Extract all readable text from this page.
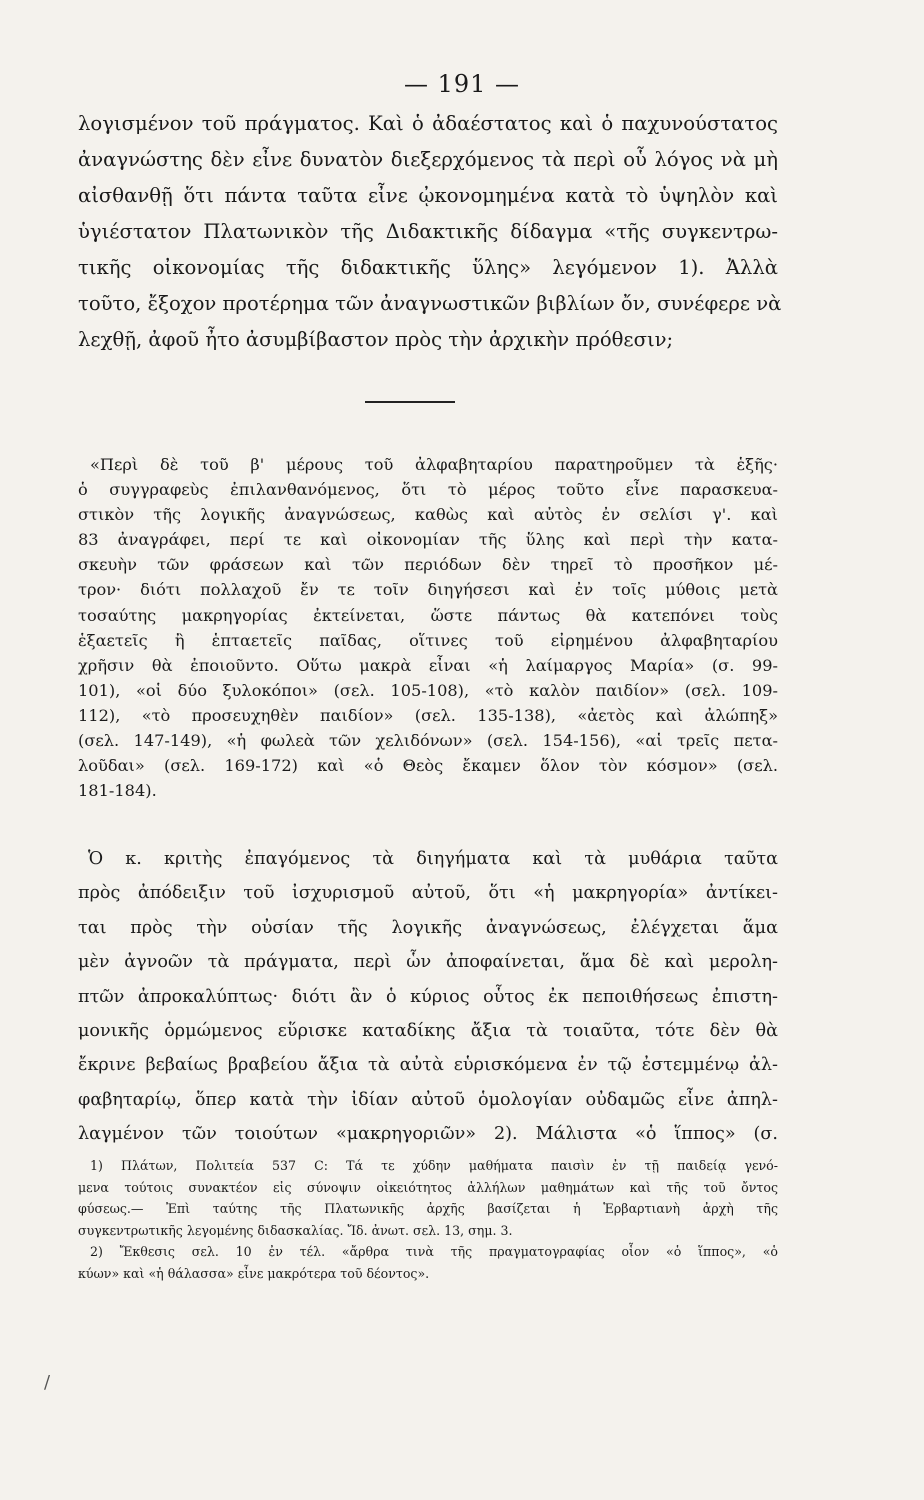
— 191 —
λογισμένον τοῦ πράγματος. Καὶ ὁ ἀδαέστατος καὶ ὁ παχυνούστατος
ἀναγνώστης δὲν εἶνε δυνατὸν διεξερχόμενος τὰ περὶ οὗ λόγος νὰ μὴ
αἰσθανθῇ ὅτι πάντα ταῦτα εἶνε ᾠκονομημένα κατὰ τὸ ὑψηλὸν καὶ
ὑγιέστατον Πλατωνικὸν τῆς Διδακτικῆς δίδαγμα «τῆς συγκεντρω-
τικῆς οἰκονομίας τῆς διδακτικῆς ὕλης» λεγόμενον 1). Ἀλλὰ
τοῦτο, ἔξοχον προτέρημα τῶν ἀναγνωστικῶν βιβλίων ὄν, συνέφερε νὰ
λεχθῇ, ἀφοῦ ἦτο ἀσυμβίβαστον πρὸς τὴν ἀρχικὴν πρόθεσιν;
«Περὶ δὲ τοῦ β' μέρους τοῦ ἀλφαβηταρίου παρατηροῦμεν τὰ ἑξῆς·
ὁ συγγραφεὺς ἐπιλανθανόμενος, ὅτι τὸ μέρος τοῦτο εἶνε παρασκευα-
στικὸν τῆς λογικῆς ἀναγνώσεως, καθὼς καὶ αὐτὸς ἐν σελίσι γ'. καὶ
83 ἀναγράφει, περί τε καὶ οἰκονομίαν τῆς ὕλης καὶ περὶ τὴν κατα-
σκευὴν τῶν φράσεων καὶ τῶν περιόδων δὲν τηρεῖ τὸ προσῆκον μέ-
τρον· διότι πολλαχοῦ ἔν τε τοῖν διηγήσεσι καὶ ἐν τοῖς μύθοις μετὰ
τοσαύτης μακρηγορίας ἐκτείνεται, ὥστε πάντως θὰ κατεπόνει τοὺς
ἑξαετεῖς ἢ ἑπταετεῖς παῖδας, οἵτινες τοῦ εἰρημένου ἀλφαβηταρίου
χρῆσιν θὰ ἐποιοῦντο. Οὕτω μακρὰ εἶναι «ἡ λαίμαργος Μαρία» (σ. 99-
101), «οἱ δύο ξυλοκόποι» (σελ. 105-108), «τὸ καλὸν παιδίον» (σελ. 109-
112), «τὸ προσευχηθὲν παιδίον» (σελ. 135-138), «ἀετὸς καὶ ἀλώπηξ»
(σελ. 147-149), «ἡ φωλεὰ τῶν χελιδόνων» (σελ. 154-156), «αἱ τρεῖς πετα-
λοῦδαι» (σελ. 169-172) καὶ «ὁ Θεὸς ἔκαμεν ὅλον τὸν κόσμον» (σελ.
181-184).
Ὁ κ. κριτὴς ἐπαγόμενος τὰ διηγήματα καὶ τὰ μυθάρια ταῦτα
πρὸς ἀπόδειξιν τοῦ ἰσχυρισμοῦ αὐτοῦ, ὅτι «ἡ μακρηγορία» ἀντίκει-
ται πρὸς τὴν οὐσίαν τῆς λογικῆς ἀναγνώσεως, ἐλέγχεται ἅμα
μὲν ἀγνοῶν τὰ πράγματα, περὶ ὧν ἀποφαίνεται, ἅμα δὲ καὶ μερολη-
πτῶν ἀπροκαλύπτως· διότι ἂν ὁ κύριος οὗτος ἐκ πεποιθήσεως ἐπιστη-
μονικῆς ὁρμώμενος εὕρισκε καταδίκης ἄξια τὰ τοιαῦτα, τότε δὲν θὰ
ἔκρινε βεβαίως βραβείου ἄξια τὰ αὐτὰ εὑρισκόμενα ἐν τῷ ἐστεμμένῳ ἀλ-
φαβηταρίῳ, ὅπερ κατὰ τὴν ἰδίαν αὐτοῦ ὁμολογίαν οὐδαμῶς εἶνε ἀπηλ-
λαγμένον τῶν τοιούτων «μακρηγοριῶν» 2). Μάλιστα «ὁ ἵππος» (σ.
1) Πλάτων, Πολιτεία 537 C: Τά τε χύδην μαθήματα παισὶν ἐν τῇ παιδείᾳ γενό-
μενα τούτοις συνακτέον εἰς σύνοψιν οἰκειότητος ἀλλήλων μαθημάτων καὶ τῆς τοῦ ὄντος
φύσεως.— Ἐπὶ ταύτης τῆς Πλατωνικῆς ἀρχῆς βασίζεται ἡ Ἑρβαρτιανὴ ἀρχὴ τῆς
συγκεντρωτικῆς λεγομένης διδασκαλίας. Ἴδ. ἀνωτ. σελ. 13, σημ. 3.
2) Ἔκθεσις σελ. 10 ἐν τέλ. «ἄρθρα τινὰ τῆς πραγματογραφίας οἷον «ὁ ἵππος», «ὁ
κύων» καὶ «ἡ θάλασσα» εἶνε μακρότερα τοῦ δέοντος».
/
